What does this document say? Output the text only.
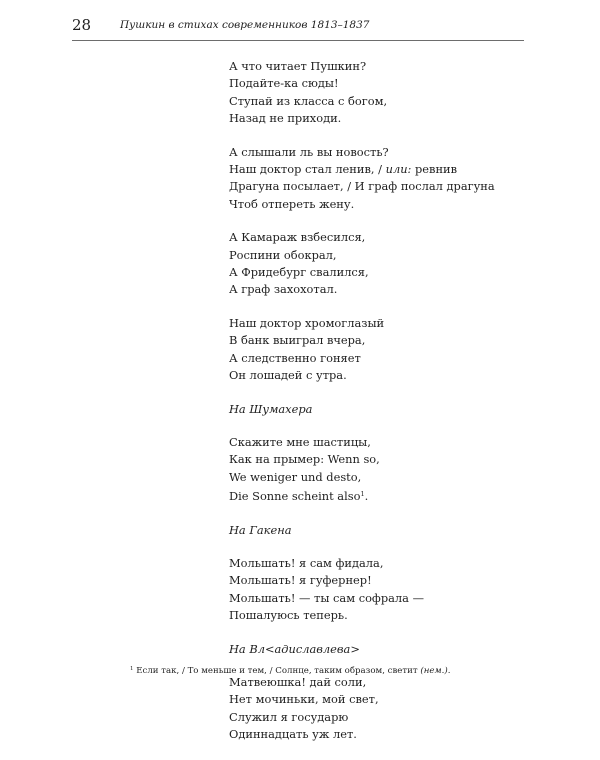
28	Пушкин в стихах современников 1813–1837
А что читает Пушкин?
Подайте-ка сюды!
Ступай из класса с богом,
Назад не приходи.
А слышали ль вы новость?
Наш доктор стал ленив, / или: ревнив
Драгуна посылает, / И граф послал драгуна
Чтоб отпереть жену.
А Камараж взбесился,
Роспини обокрал,
А Фридебург свалился,
А граф захохотал.
Наш доктор хромоглазый
В банк выиграл вчера,
А следственно гоняет
Он лошадей с утра.
На Шумахера
Скажите мне шастицы,
Как на прымер: Wenn so,
We weniger und desto,
Die Sonne scheint also$^1$.
На Гакена
Мольшать! я сам фидала,
Мольшать! я гуфернер!
Мольшать! — ты сам софрала —
Пошалуюсь теперь.
На Вл<адиславлева>
Матвеюшка! дай соли,
Нет мочиньки, мой свет,
Служил я государю
Одиннадцать уж лет.
$^1$ Если так, / То меньше и тем, / Солнце, таким образом, светит (нем.).
